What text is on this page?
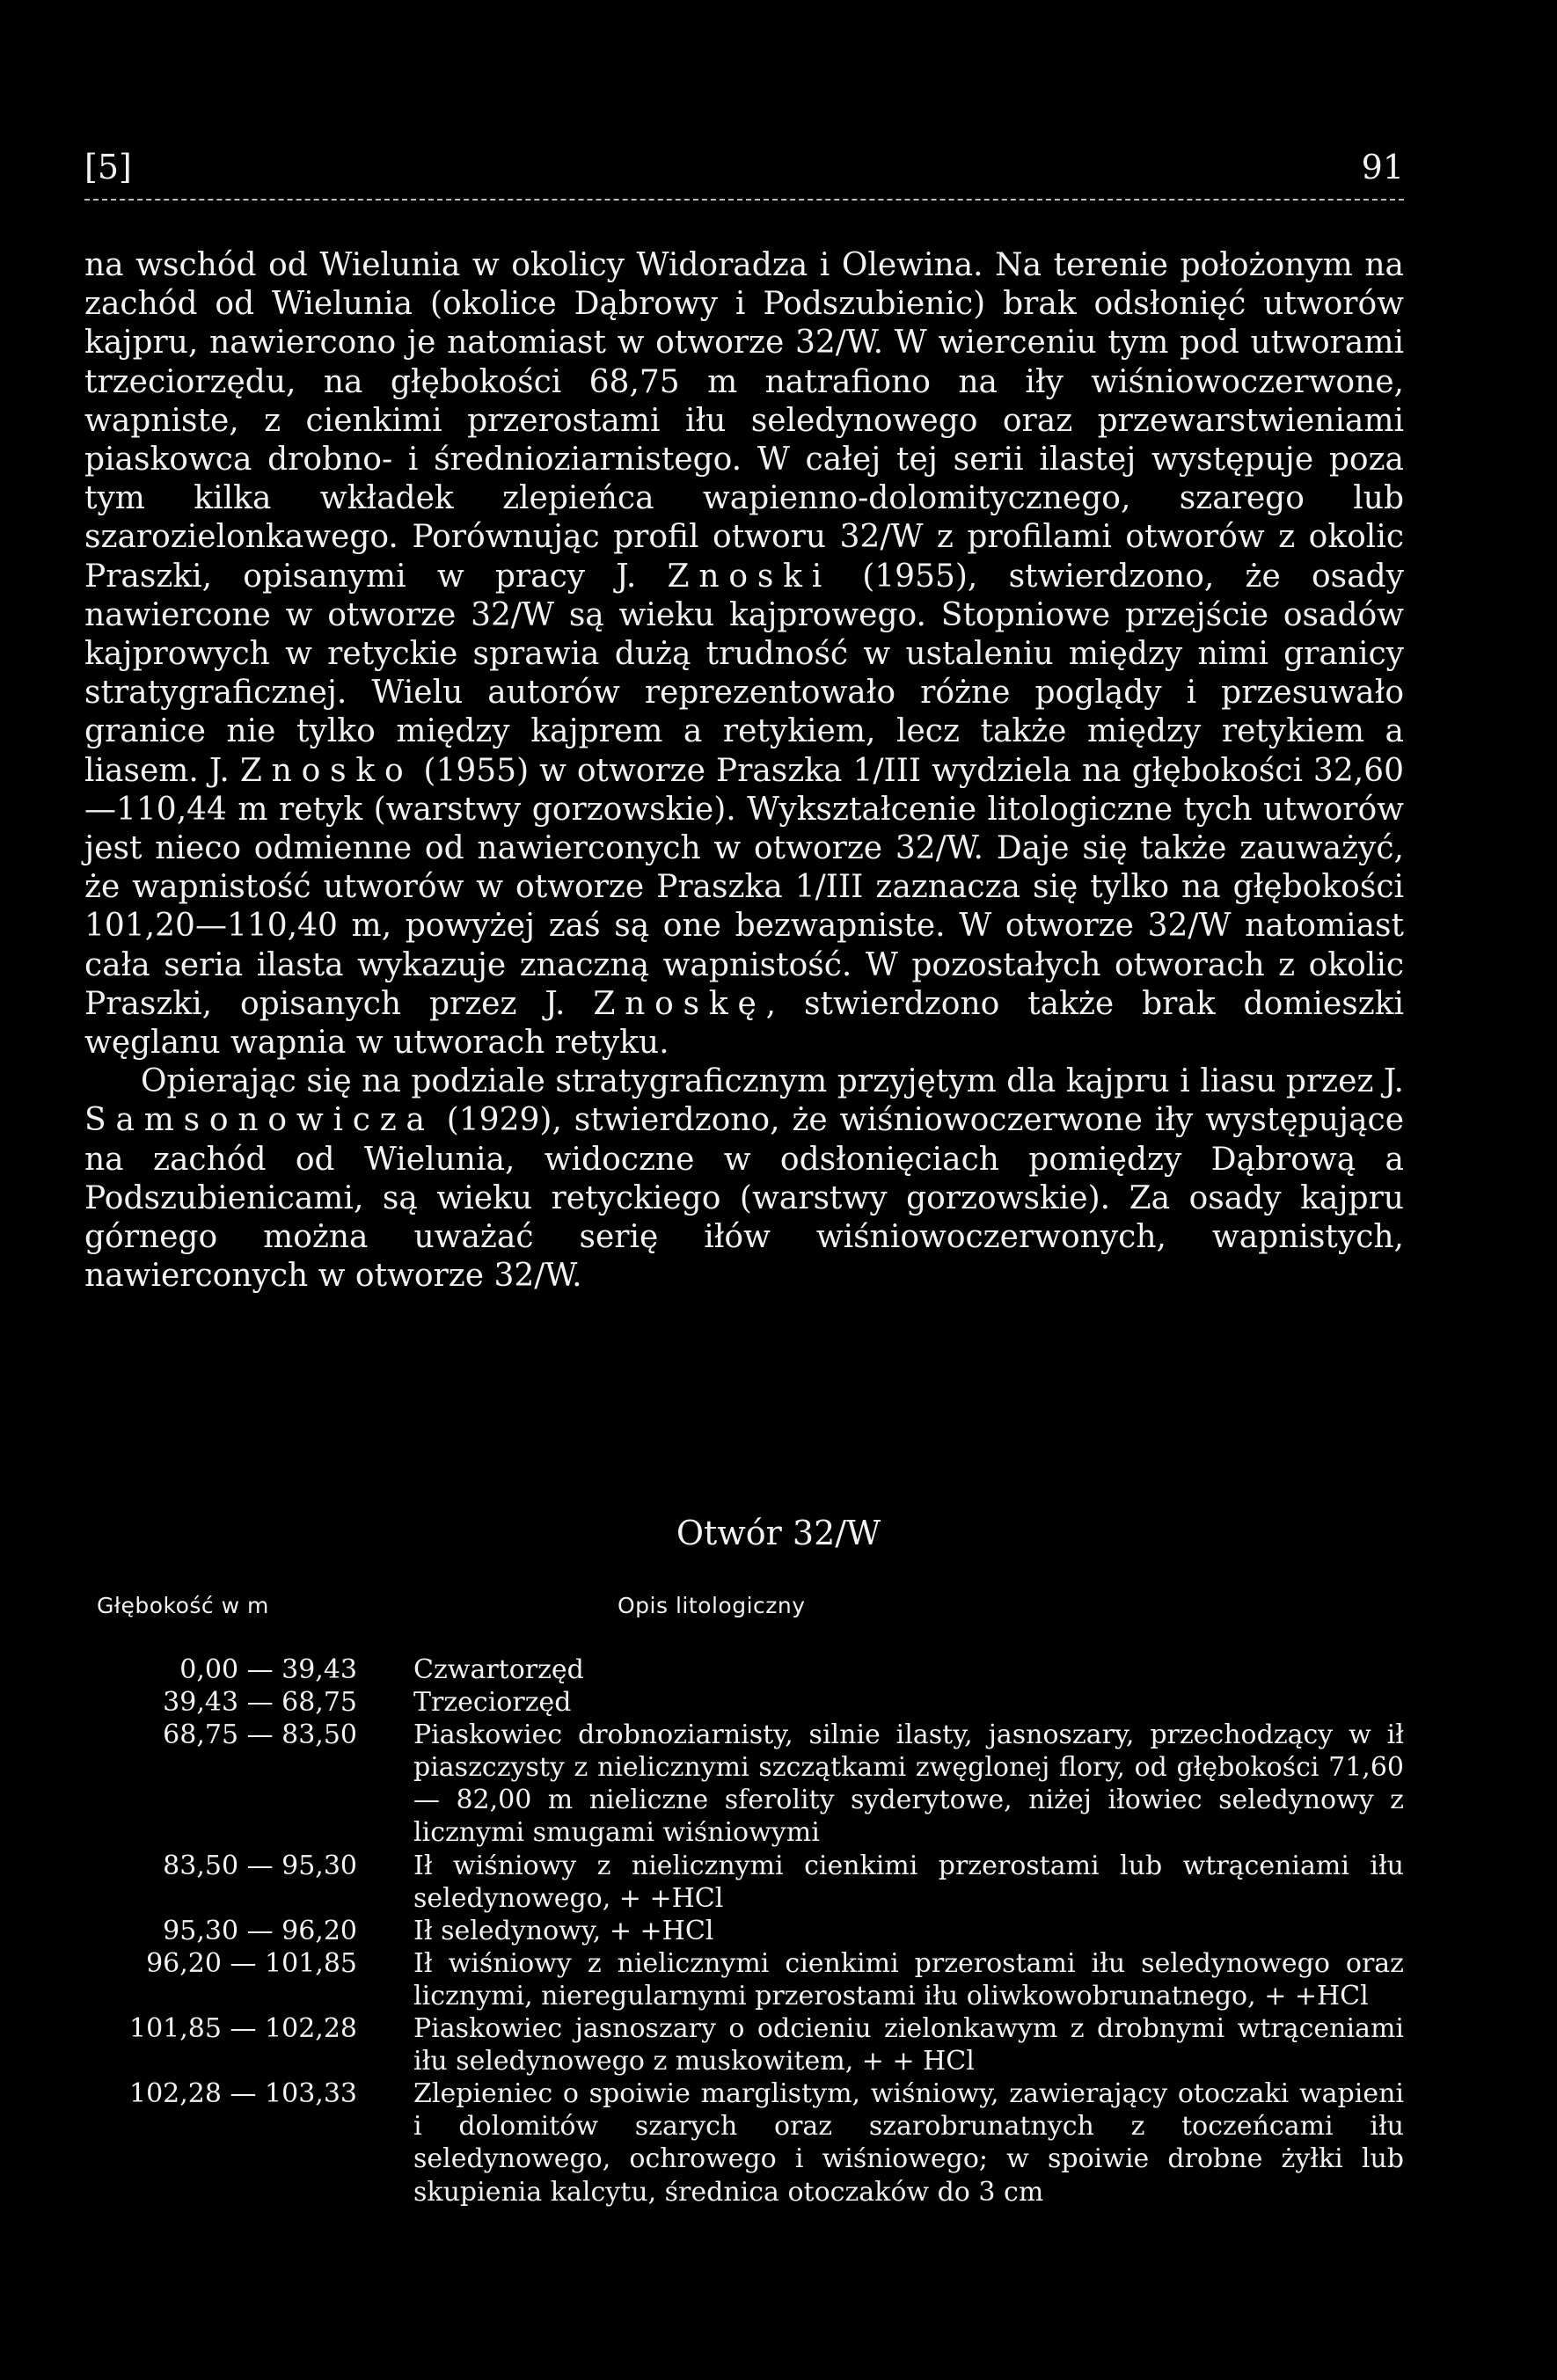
[5]	91

na wschód od Wielunia w okolicy Widoradza i Olewina. Na terenie położonym na zachód od Wielunia (okolice Dąbrowy i Podszubienic) brak odsłonięć utworów kajpru, nawiercono je natomiast w otworze 32/W. W wierceniu tym pod utworami trzeciorzędu, na głębokości 68,75 m natrafiono na iły wiśniowoczerwone, wapniste, z cienkimi przerostami iłu seledynowego oraz przewarstwieniami piaskowca drobno- i średnioziarnistego. W całej tej serii ilastej występuje poza tym kilka wkładek zlepieńca wapienno-dolomitycznego, szarego lub szarozielonkawego. Porównując profil otworu 32/W z profilami otworów z okolic Praszki, opisanymi w pracy J. Znoski (1955), stwierdzono, że osady nawiercone w otworze 32/W są wieku kajprowego. Stopniowe przejście osadów kajprowych w retyckie sprawia dużą trudność w ustaleniu między nimi granicy stratygraficznej. Wielu autorów reprezentowało różne poglądy i przesuwało granice nie tylko między kajprem a retykiem, lecz także między retykiem a liasem. J. Znosko (1955) w otworze Praszka 1/III wydziela na głębokości 32,60—110,44 m retyk (warstwy gorzowskie). Wykształcenie litologiczne tych utworów jest nieco odmienne od nawierconych w otworze 32/W. Daje się także zauważyć, że wapnistość utworów w otworze Praszka 1/III zaznacza się tylko na głębokości 101,20—110,40 m, powyżej zaś są one bezwapniste. W otworze 32/W natomiast cała seria ilasta wykazuje znaczną wapnistość. W pozostałych otworach z okolic Praszki, opisanych przez J. Znoskę, stwierdzono także brak domieszki węglanu wapnia w utworach retyku.

Opierając się na podziale stratygraficznym przyjętym dla kajpru i liasu przez J. Samsonowicza (1929), stwierdzono, że wiśniowoczerwone iły występujące na zachód od Wielunia, widoczne w odsłonięciach pomiędzy Dąbrową a Podszubienicami, są wieku retyckiego (warstwy gorzowskie). Za osady kajpru górnego można uważać serię iłów wiśniowoczerwonych, wapnistych, nawierconych w otworze 32/W.

Otwór 32/W
Głębokość w m	Opis litologiczny
0,00 — 39,43 Czwartorzęd
39,43 — 68,75 Trzeciorzęd
68,75 — 83,50 Piaskowiec drobnoziarnisty, silnie ilasty, jasnoszary, przechodzący w ił piaszczysty z nielicznymi szczątkami zwęglonej flory, od głębokości 71,60 — 82,00 m nieliczne sferolity syderytowe, niżej iłowiec seledynowy z licznymi smugami wiśniowymi
83,50 — 95,30 Ił wiśniowy z nielicznymi cienkimi przerostami lub wtrąceniami iłu seledynowego, + +HCl
95,30 — 96,20 Ił seledynowy, + +HCl
96,20 — 101,85 Ił wiśniowy z nielicznymi cienkimi przerostami iłu seledynowego oraz licznymi, nieregularnymi przerostami iłu oliwkowobrunatnego, + +HCl
101,85 — 102,28 Piaskowiec jasnoszary o odcieniu zielonkawym z drobnymi wtrąceniami iłu seledynowego z muskowitem, + + HCl
102,28 — 103,33 Zlepieniec o spoiwie marglistym, wiśniowy, zawierający otoczaki wapieni i dolomitów szarych oraz szarobrunatnych z toczeńcami iłu seledynowego, ochrowego i wiśniowego; w spoiwie drobne żyłki lub skupienia kalcytu, średnica otoczaków do 3 cm
